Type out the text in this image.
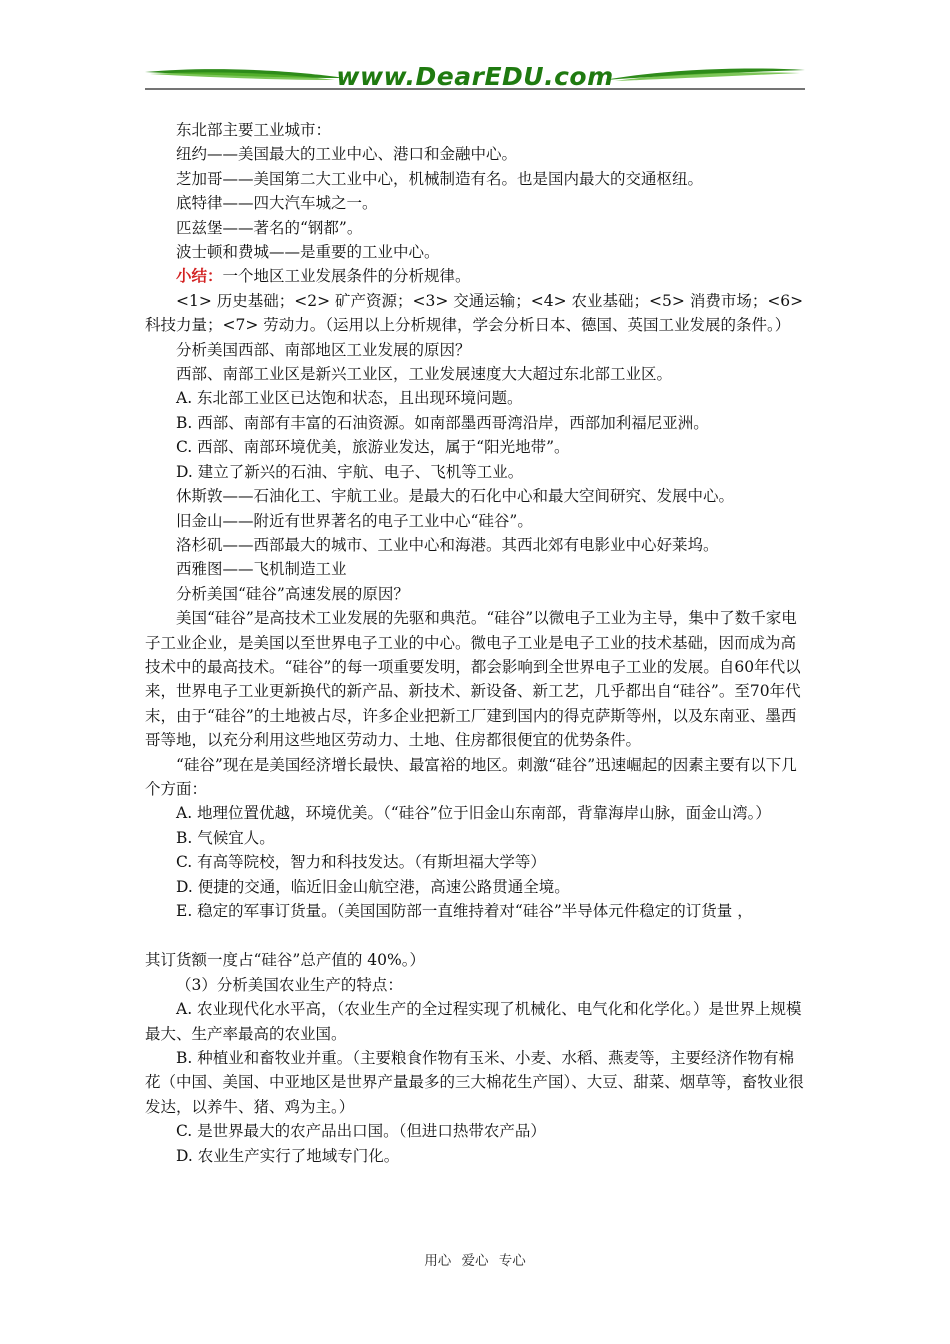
www.DearEDU.com

东北部主要工业城市：

纽约——美国最大的工业中心、港口和金融中心。

芝加哥——美国第二大工业中心，机械制造有名。也是国内最大的交通枢纽。

底特律——四大汽车城之一。

匹兹堡——著名的“钢都”。

波士顿和费城——是重要的工业中心。

小结：一个地区工业发展条件的分析规律。

<1> 历史基础；<2> 矿产资源；<3> 交通运输；<4> 农业基础；<5> 消费市场；<6>科技力量；<7> 劳动力。（运用以上分析规律，学会分析日本、德国、英国工业发展的条件。）

分析美国西部、南部地区工业发展的原因？

西部、南部工业区是新兴工业区，工业发展速度大大超过东北部工业区。

A. 东北部工业区已达饱和状态，且出现环境问题。

B. 西部、南部有丰富的石油资源。如南部墨西哥湾沿岸，西部加利福尼亚洲。

C. 西部、南部环境优美，旅游业发达，属于“阳光地带”。

D. 建立了新兴的石油、宇航、电子、飞机等工业。

休斯敦——石油化工、宇航工业。是最大的石化中心和最大空间研究、发展中心。

旧金山——附近有世界著名的电子工业中心“硅谷”。

洛杉矶——西部最大的城市、工业中心和海港。其西北郊有电影业中心好莱坞。

西雅图——飞机制造工业

分析美国“硅谷”高速发展的原因？

美国“硅谷”是高技术工业发展的先驱和典范。“硅谷”以微电子工业为主导，集中了数千家电子工业企业，是美国以至世界电子工业的中心。微电子工业是电子工业的技术基础，因而成为高技术中的最高技术。“硅谷”的每一项重要发明，都会影响到全世界电子工业的发展。自60年代以来，世界电子工业更新换代的新产品、新技术、新设备、新工艺，几乎都出自“硅谷”。至70年代末，由于“硅谷”的土地被占尽，许多企业把新工厂建到国内的得克萨斯等州，以及东南亚、墨西哥等地，以充分利用这些地区劳动力、土地、住房都很便宜的优势条件。

“硅谷”现在是美国经济增长最快、最富裕的地区。刺激“硅谷”迅速崛起的因素主要有以下几个方面：

A. 地理位置优越，环境优美。（“硅谷”位于旧金山东南部，背靠海岸山脉，面金山湾。）

B. 气候宜人。

C. 有高等院校，智力和科技发达。（有斯坦福大学等）

D. 便捷的交通，临近旧金山航空港，高速公路贯通全境。

E. 稳定的军事订货量。（美国国防部一直维持着对“硅谷”半导体元件稳定的订货量 ，

其订货额一度占“硅谷”总产值的 40%。）

（3）分析美国农业生产的特点：

A. 农业现代化水平高，（农业生产的全过程实现了机械化、电气化和化学化。）是世界上规模最大、生产率最高的农业国。

B. 种植业和畜牧业并重。（主要粮食作物有玉米、小麦、水稻、燕麦等，主要经济作物有棉花（中国、美国、中亚地区是世界产量最多的三大棉花生产国）、大豆、甜菜、烟草等，畜牧业很发达，以养牛、猪、鸡为主。）

C. 是世界最大的农产品出口国。（但进口热带农产品）

D. 农业生产实行了地域专门化。

用心 爱心 专心
